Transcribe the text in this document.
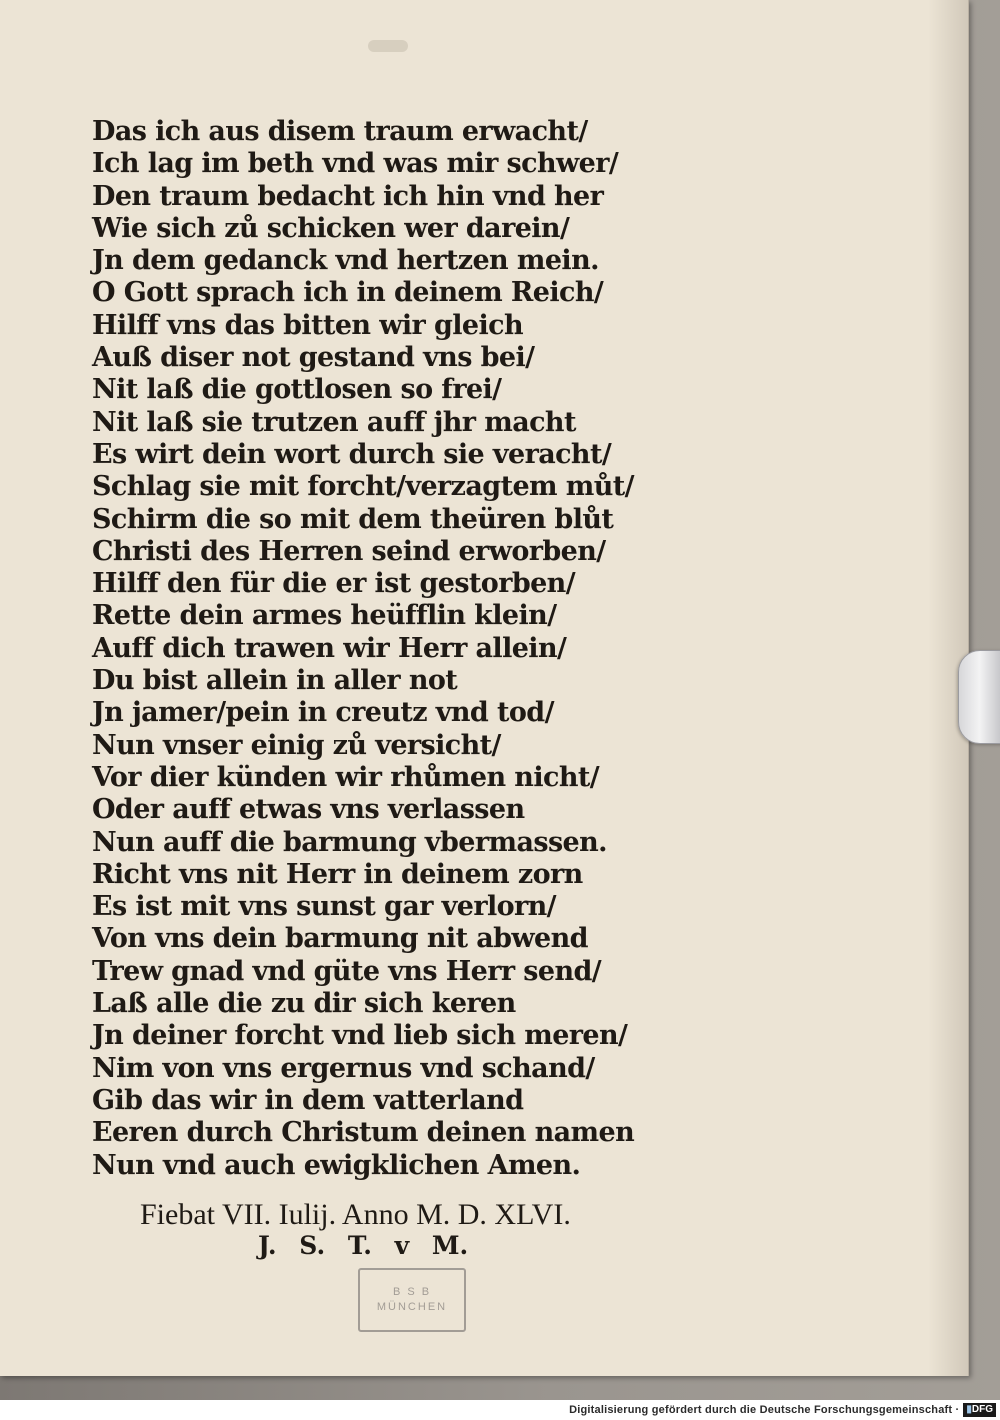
Das ich aus disem traum erwacht/
Ich lag im beth vnd was mir schwer/
Den traum bedacht ich hin vnd her
Wie sich zů schicken wer darein/
Jn dem gedanck vnd hertzen mein.
O Gott sprach ich in deinem Reich/
Hilff vns das bitten wir gleich
Auß diser not gestand vns bei/
Nit laß die gottlosen so frei/
Nit laß sie trutzen auff jhr macht
Es wirt dein wort durch sie veracht/
Schlag sie mit forcht/verzagtem můt/
Schirm die so mit dem theüren blůt
Christi des Herren seind erworben/
Hilff den für die er ist gestorben/
Rette dein armes heüfflin klein/
Auff dich trawen wir Herr allein/
Du bist allein in aller not
Jn jamer/pein in creutz vnd tod/
Nun vnser einig zů versicht/
Vor dier künden wir rhůmen nicht/
Oder auff etwas vns verlassen
Nun auff die barmung vbermassen.
Richt vns nit Herr in deinem zorn
Es ist mit vns sunst gar verlorn/
Von vns dein barmung nit abwend
Trew gnad vnd güte vns Herr send/
Laß alle die zu dir sich keren
Jn deiner forcht vnd lieb sich meren/
Nim von vns ergernus vnd schand/
Gib das wir in dem vatterland
Eeren durch Christum deinen namen
Nun vnd auch ewigklichen Amen.
Fiebat VII. Iulij. Anno M. D. XLVI.
J. S. T. v M.
B S B
MÜNCHEN
Digitalisierung gefördert durch die Deutsche Forschungsgemeinschaft · ▮DFG
